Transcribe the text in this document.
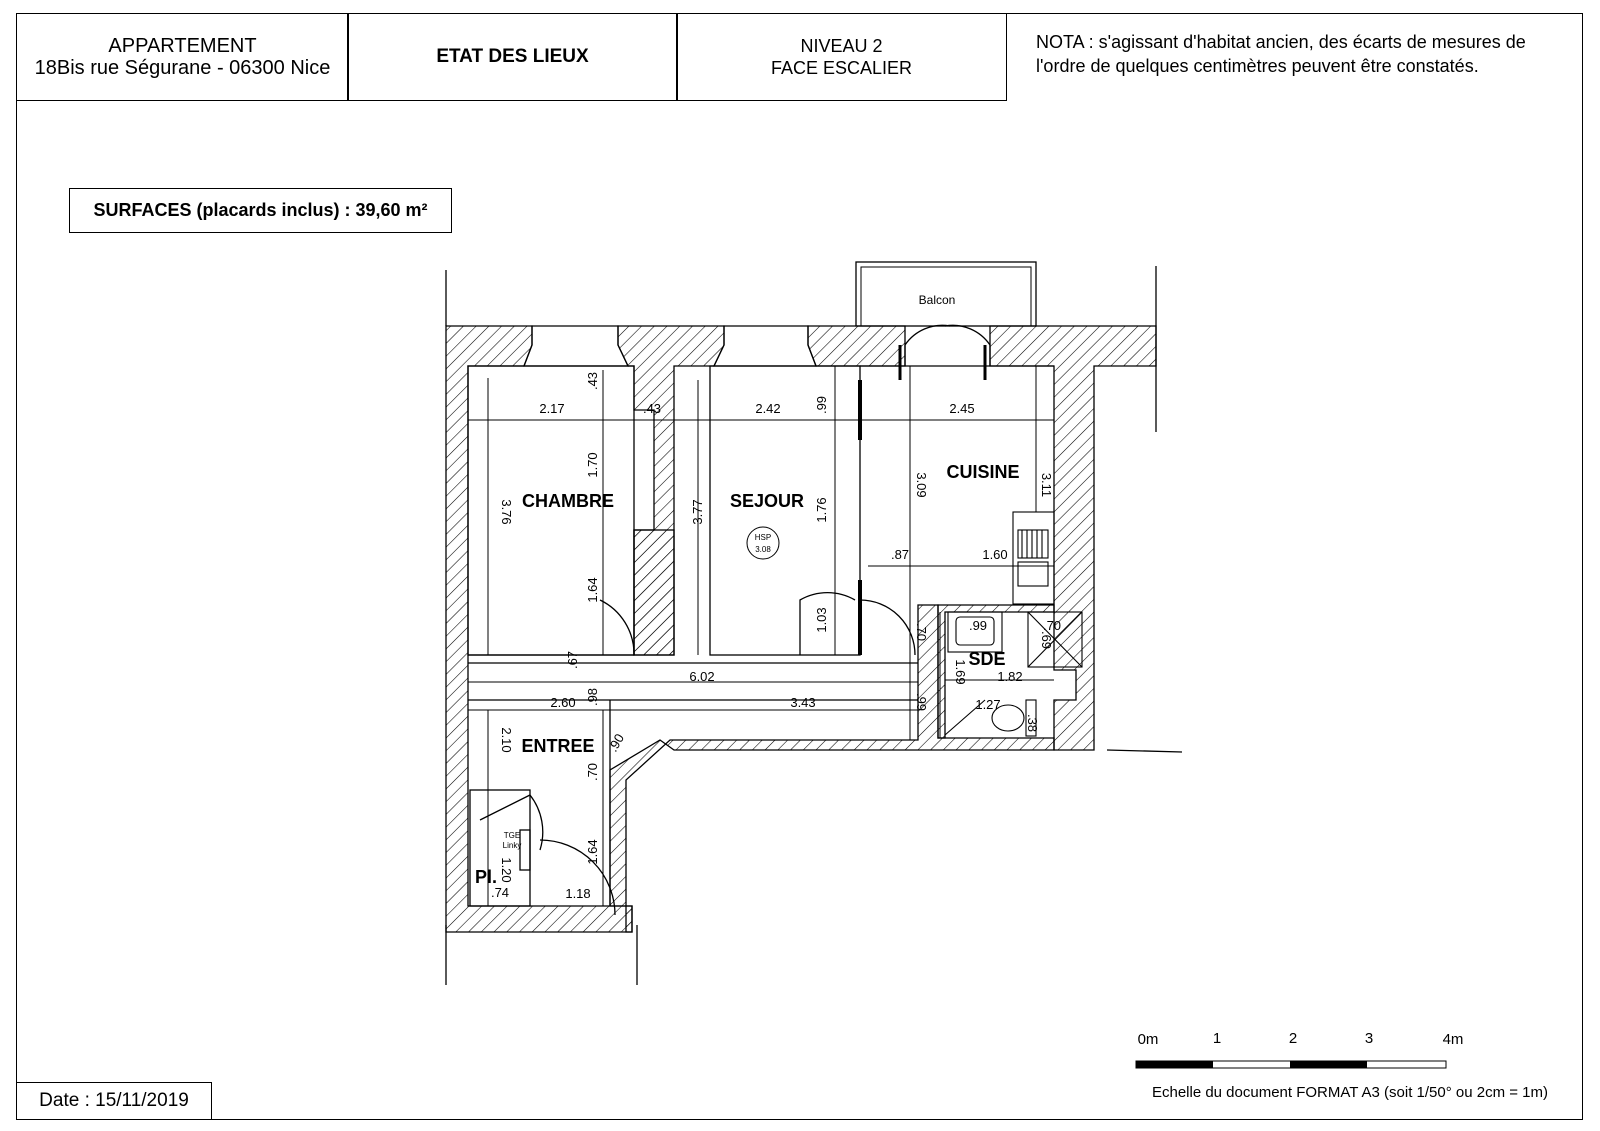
APPARTEMENT
18Bis rue Ségurane - 06300 Nice
ETAT DES LIEUX	NIVEAU 2
FACE ESCALIER
NOTA : s'agissant d'habitat ancien, des écarts de mesures de l'ordre de quelques centimètres peuvent être constatés.
SURFACES (placards inclus) : 39,60 m²
Balcon
HSP
3.08
TGE
Linky
CHAMBRE	SEJOUR
CUISINE
SDE
ENTREE
Pl.
2.17	.43	2.42	2.45
.87	1.60
.99	.70
1.82
1.27
6.02
2.60	3.43
.74	1.18
.43
1.70
1.64
.67
3.76	3.77
.99
1.76
1.03
3.09	3.11
.70
1.69
.69
.38
.99
.98
2.10	.90
.70
1.64
1.20
0m	1	2	3	4m
Echelle du document FORMAT A3 (soit 1/50° ou 2cm = 1m)
Date : 15/11/2019
